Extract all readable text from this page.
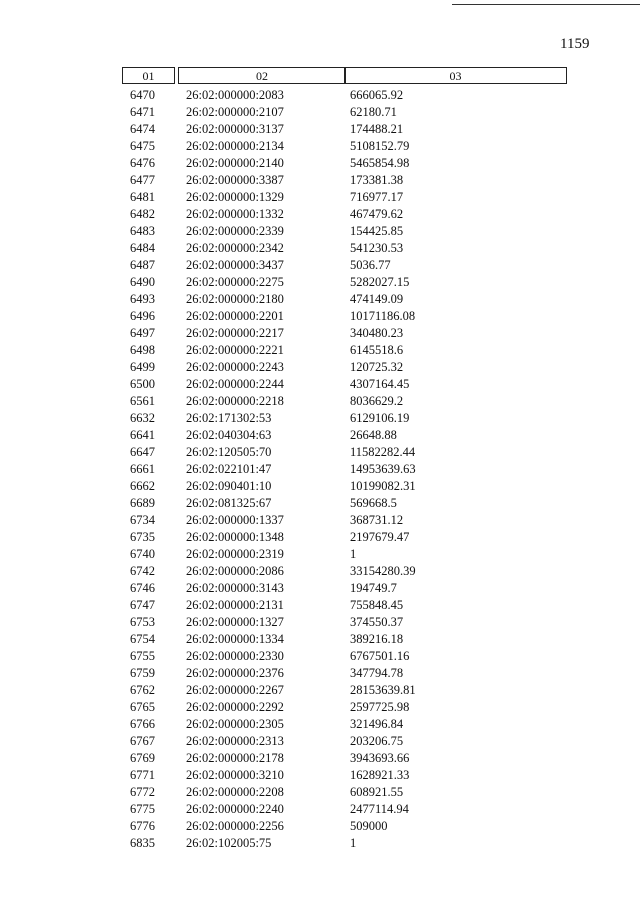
1159
01	02	03
6470 26:02:000000:2083	666065.92
6471 26:02:000000:2107	62180.71
6474 26:02:000000:3137	174488.21
6475 26:02:000000:2134	5108152.79
6476 26:02:000000:2140	5465854.98
6477 26:02:000000:3387	173381.38
6481 26:02:000000:1329	716977.17
6482 26:02:000000:1332	467479.62
6483 26:02:000000:2339	154425.85
6484 26:02:000000:2342	541230.53
6487 26:02:000000:3437	5036.77
6490 26:02:000000:2275	5282027.15
6493 26:02:000000:2180	474149.09
6496 26:02:000000:2201	10171186.08
6497 26:02:000000:2217	340480.23
6498 26:02:000000:2221	6145518.6
6499 26:02:000000:2243	120725.32
6500 26:02:000000:2244	4307164.45
6561 26:02:000000:2218	8036629.2
6632 26:02:171302:53	6129106.19
6641 26:02:040304:63	26648.88
6647 26:02:120505:70	11582282.44
6661 26:02:022101:47	14953639.63
6662 26:02:090401:10	10199082.31
6689 26:02:081325:67	569668.5
6734 26:02:000000:1337	368731.12
6735 26:02:000000:1348	2197679.47
6740 26:02:000000:2319	1
6742 26:02:000000:2086	33154280.39
6746 26:02:000000:3143	194749.7
6747 26:02:000000:2131	755848.45
6753 26:02:000000:1327	374550.37
6754 26:02:000000:1334	389216.18
6755 26:02:000000:2330	6767501.16
6759 26:02:000000:2376	347794.78
6762 26:02:000000:2267	28153639.81
6765 26:02:000000:2292	2597725.98
6766 26:02:000000:2305	321496.84
6767 26:02:000000:2313	203206.75
6769 26:02:000000:2178	3943693.66
6771 26:02:000000:3210	1628921.33
6772 26:02:000000:2208	608921.55
6775 26:02:000000:2240	2477114.94
6776 26:02:000000:2256	509000
6835 26:02:102005:75	1
